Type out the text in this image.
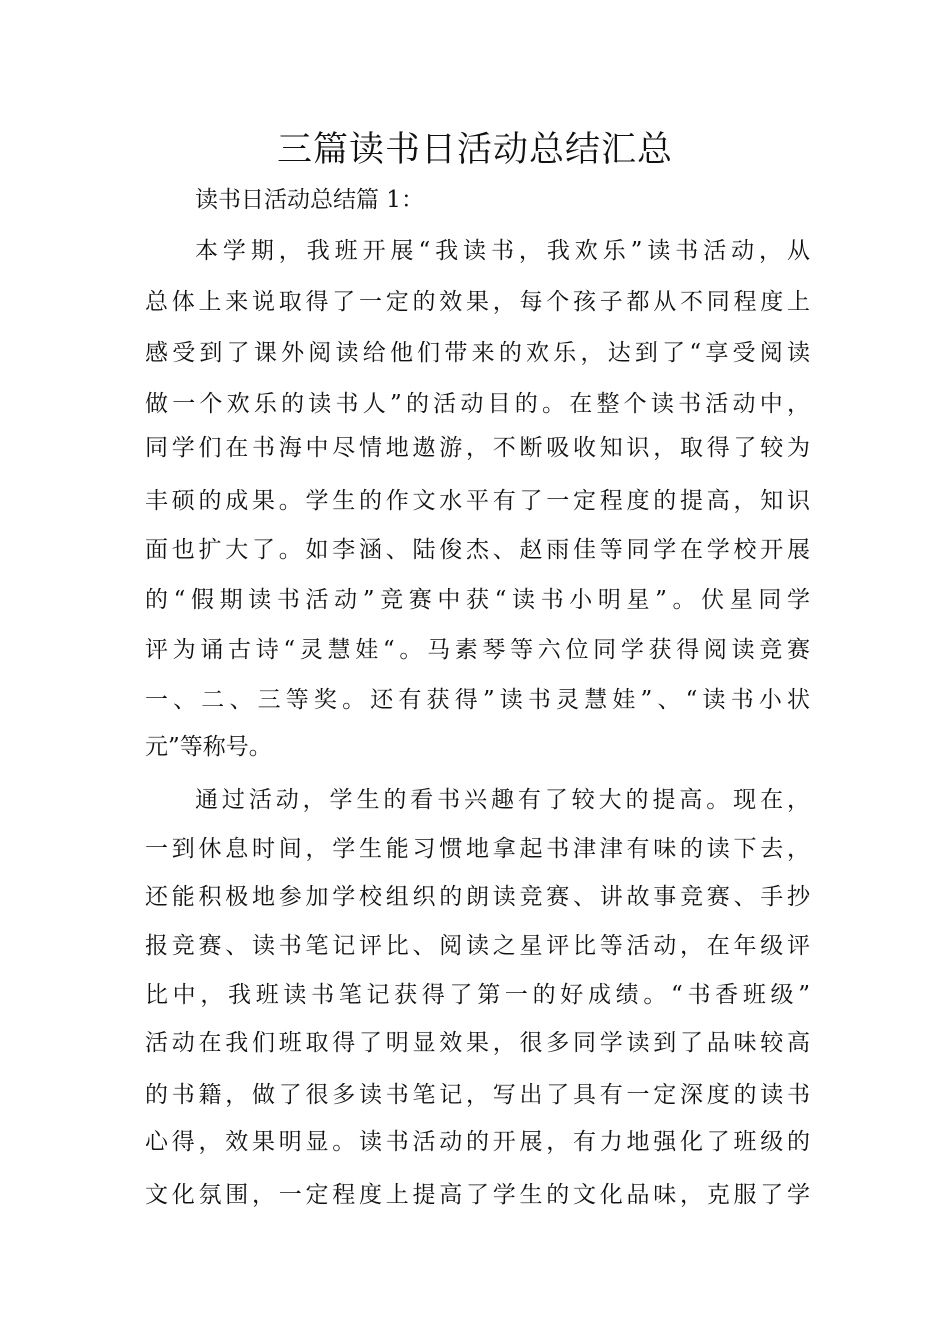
三篇读书日活动总结汇总

读书日活动总结篇 1：

本学期，我班开展“我读书，我欢乐”读书活动，从

总体上来说取得了一定的效果，每个孩子都从不同程度上

感受到了课外阅读给他们带来的欢乐，达到了“享受阅读

做一个欢乐的读书人”的活动目的。在整个读书活动中，

同学们在书海中尽情地遨游，不断吸收知识，取得了较为

丰硕的成果。学生的作文水平有了一定程度的提高，知识

面也扩大了。如李涵、陆俊杰、赵雨佳等同学在学校开展

的“假期读书活动”竞赛中获“读书小明星”。伏星同学

评为诵古诗“灵慧娃“。马素琴等六位同学获得阅读竞赛

一、二、三等奖。还有获得”读书灵慧娃”、“读书小状

元”等称号。

通过活动，学生的看书兴趣有了较大的提高。现在，

一到休息时间，学生能习惯地拿起书津津有味的读下去，

还能积极地参加学校组织的朗读竞赛、讲故事竞赛、手抄

报竞赛、读书笔记评比、阅读之星评比等活动，在年级评

比中，我班读书笔记获得了第一的好成绩。“书香班级”

活动在我们班取得了明显效果，很多同学读到了品味较高

的书籍，做了很多读书笔记，写出了具有一定深度的读书

心得，效果明显。读书活动的开展，有力地强化了班级的

文化氛围，一定程度上提高了学生的文化品味，克服了学
